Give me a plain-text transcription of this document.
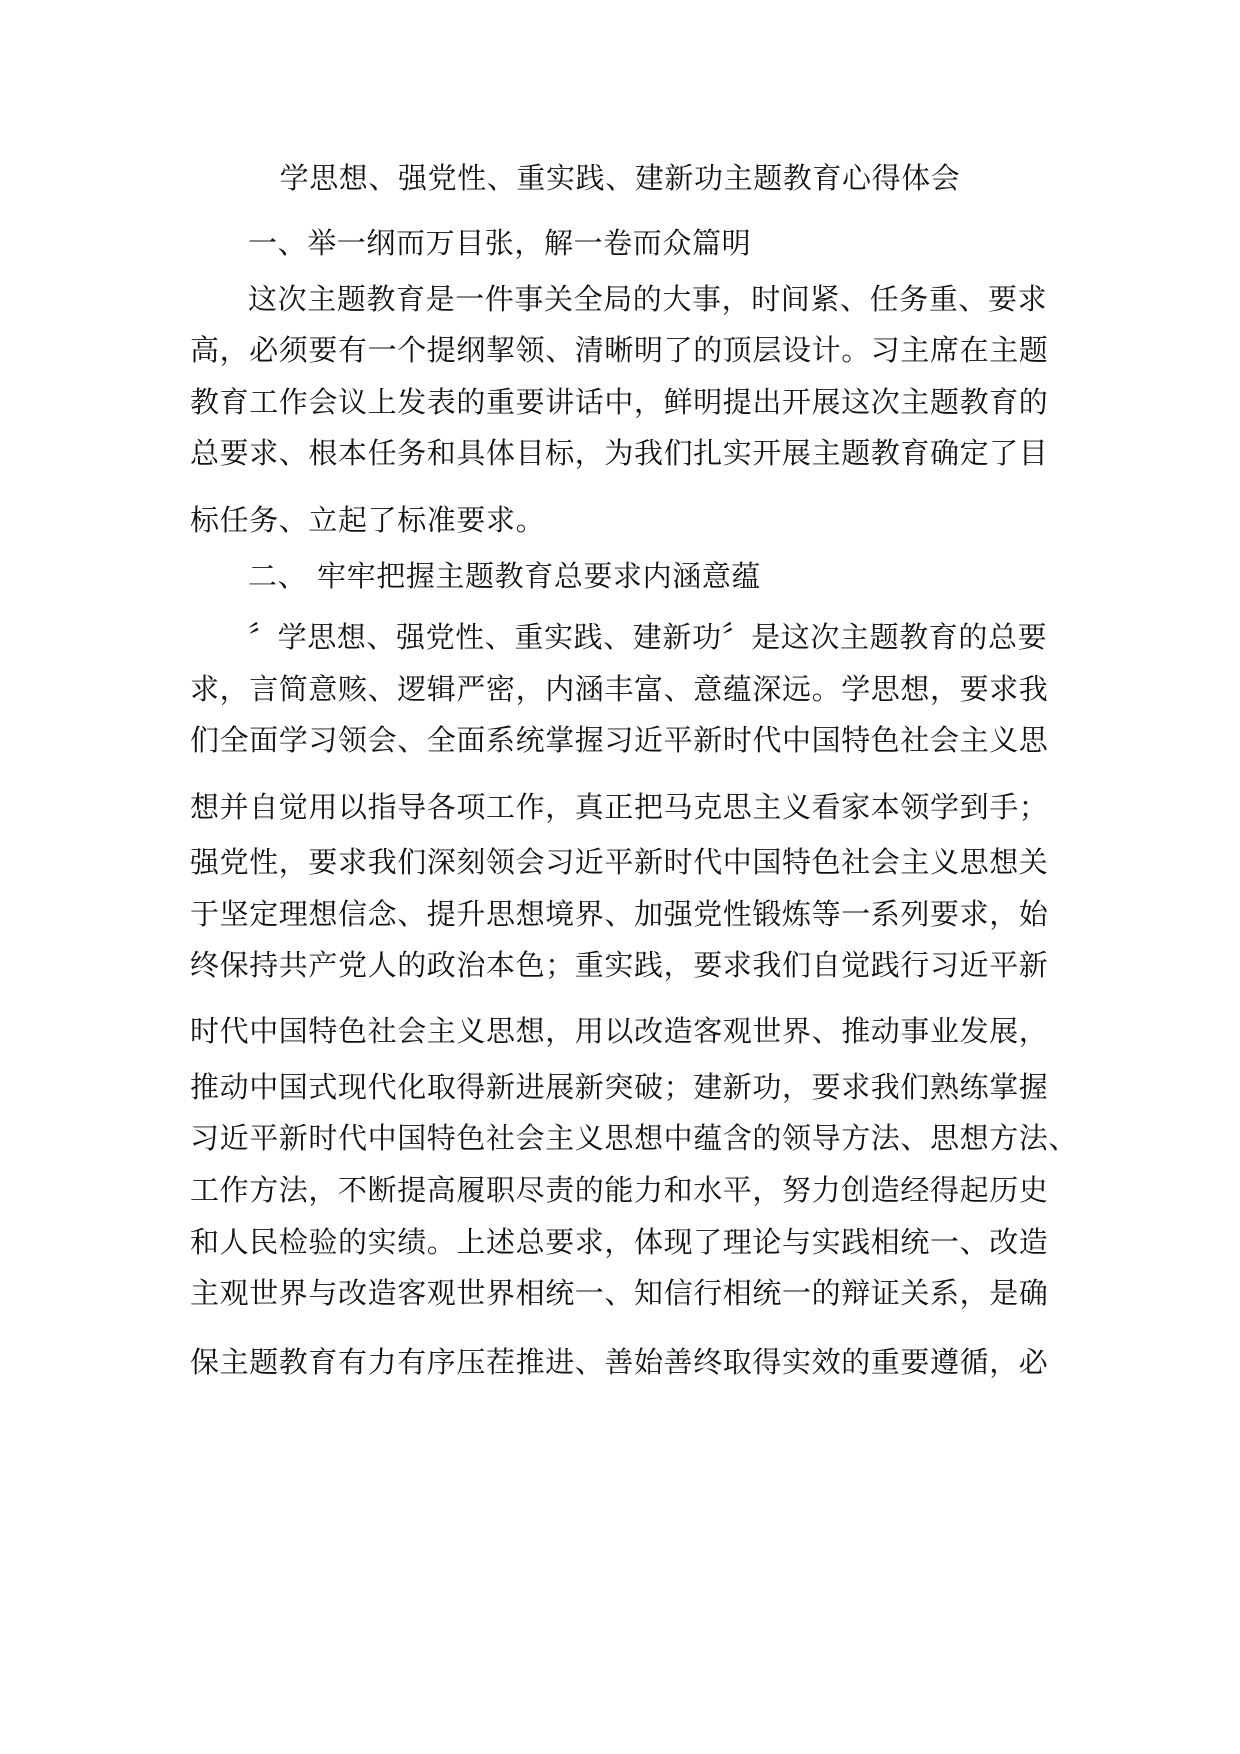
学思想、强党性、重实践、建新功主题教育心得体会
一、举一纲而万目张，解一卷而众篇明
这次主题教育是一件事关全局的大事，时间紧、任务重、要求
高，必须要有一个提纲挈领、清晰明了的顶层设计。习主席在主题
教育工作会议上发表的重要讲话中，鲜明提出开展这次主题教育的
总要求、根本任务和具体目标，为我们扎实开展主题教育确定了目
标任务、立起了标准要求。
二、 牢牢把握主题教育总要求内涵意蕴
〞学思想、强党性、重实践、建新功〞是这次主题教育的总要
求，言简意赅、逻辑严密，内涵丰富、意蕴深远。学思想，要求我
们全面学习领会、全面系统掌握习近平新时代中国特色社会主义思
想并自觉用以指导各项工作，真正把马克思主义看家本领学到手；
强党性，要求我们深刻领会习近平新时代中国特色社会主义思想关
于坚定理想信念、提升思想境界、加强党性锻炼等一系列要求，始
终保持共产党人的政治本色；重实践，要求我们自觉践行习近平新
时代中国特色社会主义思想，用以改造客观世界、推动事业发展，
推动中国式现代化取得新进展新突破；建新功，要求我们熟练掌握
习近平新时代中国特色社会主义思想中蕴含的领导方法、思想方法、
工作方法，不断提高履职尽责的能力和水平，努力创造经得起历史
和人民检验的实绩。上述总要求，体现了理论与实践相统一、改造
主观世界与改造客观世界相统一、知信行相统一的辩证关系，是确
保主题教育有力有序压茬推进、善始善终取得实效的重要遵循，必
